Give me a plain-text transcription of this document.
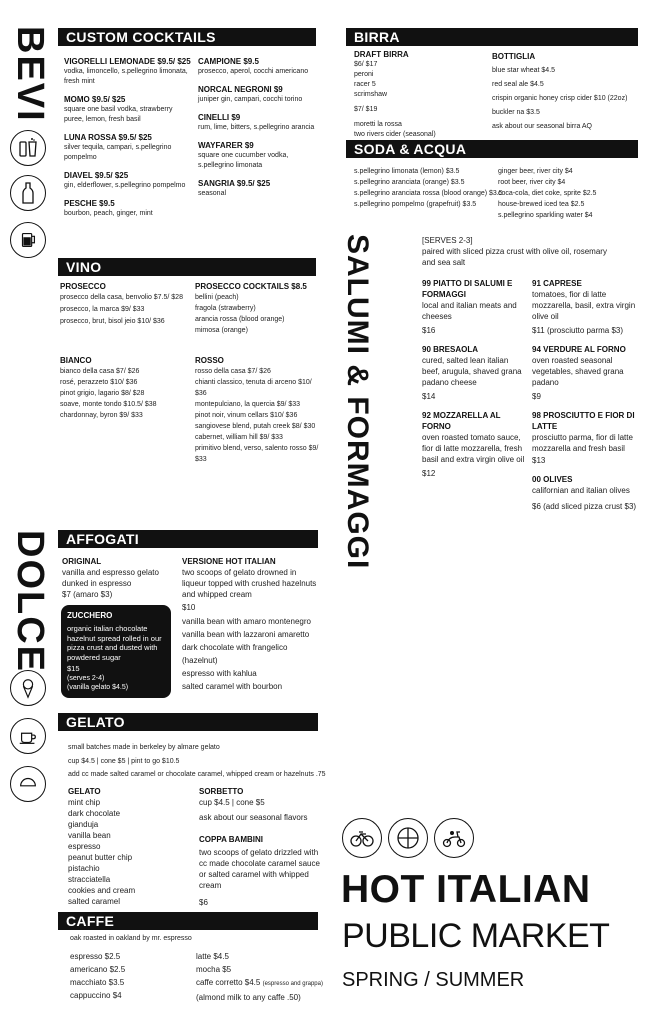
BEVI	CUSTOM COCKTAILS
VIGORELLI LEMONADE $9.5/ $25
vodka, limoncello, s.pellegrino limonata, fresh mint
MOMO $9.5/ $25
square one basil vodka, strawberry puree, lemon, fresh basil
LUNA ROSSA $9.5/ $25
silver tequila, campari, s.pellegrino pompelmo
DIAVEL $9.5/ $25
gin, elderflower, s.pellegrino pompelmo
PESCHE $9.5
bourbon, peach, ginger, mint
CAMPIONE $9.5
prosecco, aperol, cocchi americano
NORCAL NEGRONI $9
juniper gin, campari, cocchi torino
CINELLI $9
rum, lime, bitters, s.pellegrino arancia
WAYFARER $9
square one cucumber vodka, s.pellegrino limonata
SANGRIA $9.5/ $25
seasonal
VINO
PROSECCO
prosecco della casa, benvolio $7.5/ $28
prosecco, la marca $9/ $33
prosecco, brut, bisol jeio $10/ $36
PROSECCO COCKTAILS $8.5
bellini (peach)
fragola (strawberry)
arancia rossa (blood orange)
mimosa (orange)
BIANCO
bianco della casa $7/ $26
rosé, perazzeto $10/ $36
pinot grigio, lagario $8/ $28
soave, monte tondo $10.5/ $38
chardonnay, byron $9/ $33
ROSSO
rosso della casa $7/ $26
chianti classico, tenuta di arceno $10/ $36
montepulciano, la quercia $9/ $33
pinot noir, vinum cellars $10/ $36
sangiovese blend, putah creek $8/ $30
cabernet, william hill $9/ $33
primitivo blend, verso, salento rosso $9/ $33
BIRRA
DRAFT BIRRA
$6/ $17
peroni
racer 5
scrimshaw
$7/ $19
moretti la rossa
two rivers cider (seasonal)
BOTTIGLIA
blue star wheat $4.5
red seal ale $4.5
crispin organic honey crisp cider $10 (22oz)
buckler na $3.5
ask about our seasonal birra AQ
SODA & ACQUA
s.pellegrino limonata (lemon) $3.5
s.pellegrino aranciata (orange) $3.5
s.pellegrino aranciata rossa (blood orange) $3.5
s.pellegrino pompelmo (grapefruit) $3.5
ginger beer, river city $4
root beer, river city $4
coca-cola, diet coke, sprite $2.5
house-brewed iced tea $2.5
s.pellegrino sparkling water $4
SALUMI & FORMAGGI
[SERVES 2-3]
paired with sliced pizza crust with olive oil, rosemary and sea salt
99 PIATTO DI SALUMI E FORMAGGI
local and italian meats and cheeses
$16
90 BRESAOLA
cured, salted lean italian beef, arugula, shaved grana padano cheese
$14
92 MOZZARELLA AL FORNO
oven roasted tomato sauce, fior di latte mozzarella, fresh basil and extra virgin olive oil
$12
91 CAPRESE
tomatoes, fior di latte mozzarella, basil, extra virgin olive oil
$11 (prosciutto parma $3)
94 VERDURE AL FORNO
oven roasted seasonal vegetables, shaved grana padano
$9
98 PROSCIUTTO E FIOR DI LATTE
prosciutto parma, fior di latte mozzarella and fresh basil
$13
00 OLIVES
californian and italian olives
$6 (add sliced pizza crust $3)
DOLCE	AFFOGATI
ORIGINAL
vanilla and espresso gelato dunked in espresso
$7 (amaro $3)
ZUCCHERO
organic italian chocolate hazelnut spread rolled in our pizza crust and dusted with powdered sugar
$15
(serves 2-4)
(vanilla gelato $4.5)
VERSIONE HOT ITALIAN
two scoops of gelato drowned in liqueur topped with crushed hazelnuts and whipped cream
$10
vanilla bean with amaro montenegro
vanilla bean with lazzaroni amaretto
dark chocolate with frangelico (hazelnut)
espresso with kahlua
salted caramel with bourbon
GELATO
small batches made in berkeley by almare gelato
cup $4.5 | cone $5 | pint to go $10.5
add cc made salted caramel or chocolate caramel, whipped cream or hazelnuts .75
GELATO
mint chip
dark chocolate
gianduja
vanilla bean
espresso
peanut butter chip
pistachio
stracciatella
cookies and cream
salted caramel
SORBETTO
cup $4.5 | cone $5
ask about our seasonal flavors
COPPA BAMBINI
two scoops of gelato drizzled with cc made chocolate caramel sauce or salted caramel with whipped cream
$6
CAFFE
oak roasted in oakland by mr. espresso
espresso $2.5
americano $2.5
macchiato $3.5
cappuccino $4
latte $4.5
mocha $5
caffe corretto $4.5 (espresso and grappa)
(almond milk to any caffe .50)
HOT ITALIAN
PUBLIC MARKET
SPRING / SUMMER
